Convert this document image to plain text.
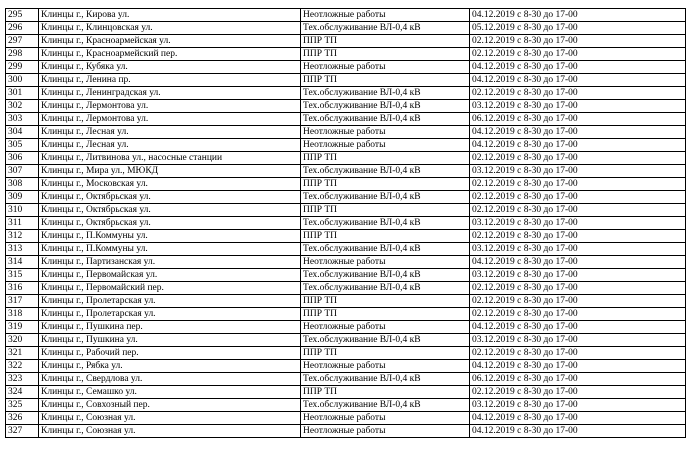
295	Клинцы г., Кирова ул.	Неотложные работы	04.12.2019 с 8-30 до 17-00
296	Клинцы г., Клинцовская ул.	Тех.обслуживание ВЛ-0,4 кВ	05.12.2019 с 8-30 до 17-00
297	Клинцы г., Красноармейская ул.	ППР ТП	02.12.2019 с 8-30 до 17-00
298	Клинцы г., Красноармейский пер.	ППР ТП	02.12.2019 с 8-30 до 17-00
299	Клинцы г., Кубяка ул.	Неотложные работы	04.12.2019 с 8-30 до 17-00
300	Клинцы г., Ленина пр.	ППР ТП	04.12.2019 с 8-30 до 17-00
301	Клинцы г., Ленинградская ул.	Тех.обслуживание ВЛ-0,4 кВ	02.12.2019 с 8-30 до 17-00
302	Клинцы г., Лермонтова ул.	Тех.обслуживание ВЛ-0,4 кВ	03.12.2019 с 8-30 до 17-00
303	Клинцы г., Лермонтова ул.	Тех.обслуживание ВЛ-0,4 кВ	06.12.2019 с 8-30 до 17-00
304	Клинцы г., Лесная ул.	Неотложные работы	04.12.2019 с 8-30 до 17-00
305	Клинцы г., Лесная ул.	Неотложные работы	04.12.2019 с 8-30 до 17-00
306	Клинцы г., Литвинова ул., насосные станции	ППР ТП	02.12.2019 с 8-30 до 17-00
307	Клинцы г., Мира ул., МЮКД	Тех.обслуживание ВЛ-0,4 кВ	03.12.2019 с 8-30 до 17-00
308	Клинцы г., Московская ул.	ППР ТП	02.12.2019 с 8-30 до 17-00
309	Клинцы г., Октябрьская ул.	Тех.обслуживание ВЛ-0,4 кВ	02.12.2019 с 8-30 до 17-00
310	Клинцы г., Октябрьская ул.	ППР ТП	02.12.2019 с 8-30 до 17-00
311	Клинцы г., Октябрьская ул.	Тех.обслуживание ВЛ-0,4 кВ	03.12.2019 с 8-30 до 17-00
312	Клинцы г., П.Коммуны ул.	ППР ТП	02.12.2019 с 8-30 до 17-00
313	Клинцы г., П.Коммуны ул.	Тех.обслуживание ВЛ-0,4 кВ	03.12.2019 с 8-30 до 17-00
314	Клинцы г., Партизанская ул.	Неотложные работы	04.12.2019 с 8-30 до 17-00
315	Клинцы г., Первомайская ул.	Тех.обслуживание ВЛ-0,4 кВ	03.12.2019 с 8-30 до 17-00
316	Клинцы г., Первомайский пер.	Тех.обслуживание ВЛ-0,4 кВ	02.12.2019 с 8-30 до 17-00
317	Клинцы г., Пролетарская ул.	ППР ТП	02.12.2019 с 8-30 до 17-00
318	Клинцы г., Пролетарская ул.	ППР ТП	02.12.2019 с 8-30 до 17-00
319	Клинцы г., Пушкина пер.	Неотложные работы	04.12.2019 с 8-30 до 17-00
320	Клинцы г., Пушкина ул.	Тех.обслуживание ВЛ-0,4 кВ	03.12.2019 с 8-30 до 17-00
321	Клинцы г., Рабочий пер.	ППР ТП	02.12.2019 с 8-30 до 17-00
322	Клинцы г., Рябка ул.	Неотложные работы	04.12.2019 с 8-30 до 17-00
323	Клинцы г., Свердлова ул.	Тех.обслуживание ВЛ-0,4 кВ	06.12.2019 с 8-30 до 17-00
324	Клинцы г., Семашко ул.	ППР ТП	02.12.2019 с 8-30 до 17-00
325	Клинцы г., Совхозный пер.	Тех.обслуживание ВЛ-0,4 кВ	03.12.2019 с 8-30 до 17-00
326	Клинцы г., Союзная ул.	Неотложные работы	04.12.2019 с 8-30 до 17-00
327	Клинцы г., Союзная ул.	Неотложные работы	04.12.2019 с 8-30 до 17-00
